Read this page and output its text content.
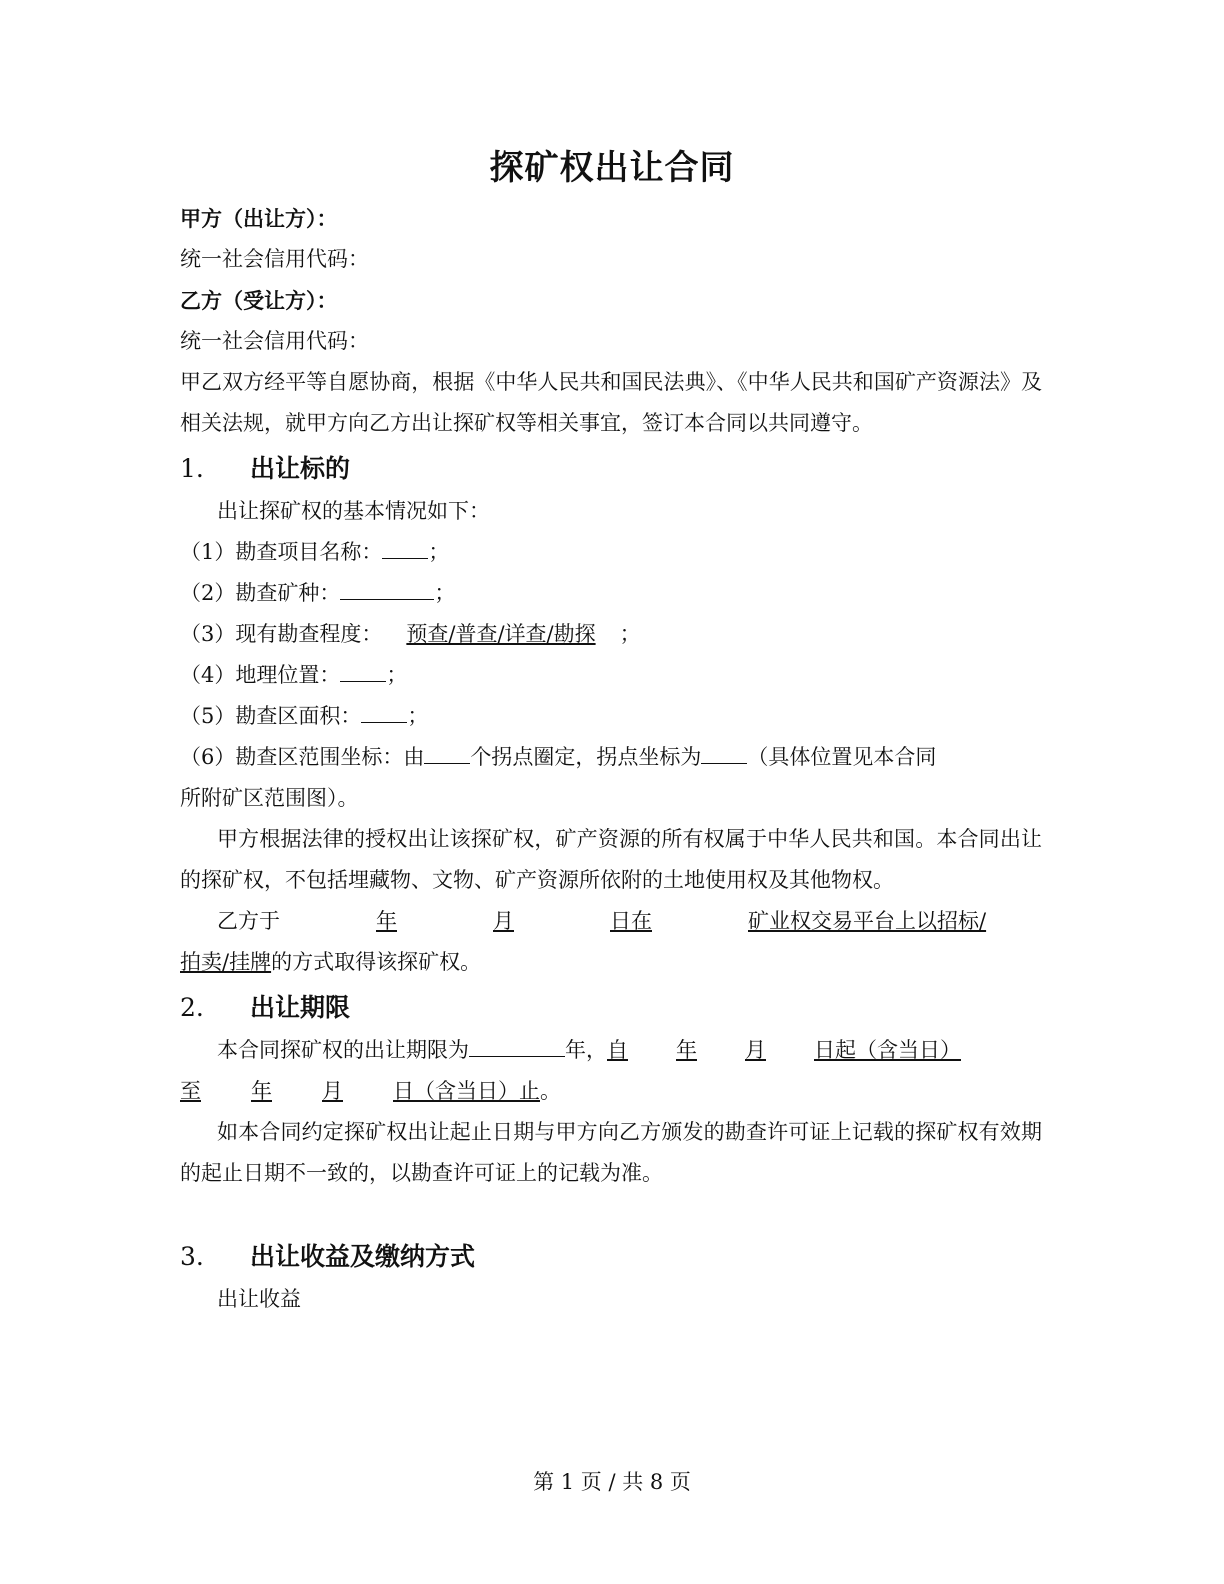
探矿权出让合同
甲方（出让方）：
统一社会信用代码：
乙方（受让方）：
统一社会信用代码：
甲乙双方经平等自愿协商，根据《中华人民共和国民法典》、《中华人民共和国矿产资源法》及相关法规，就甲方向乙方出让探矿权等相关事宜，签订本合同以共同遵守。
1. 出让标的
出让探矿权的基本情况如下：
（1）勘查项目名称： ；
（2）勘查矿种：	；
（3）现有勘查程度： 预查/普查/详查/勘探 ；
（4）地理位置： ；
（5）勘查区面积： ；
（6）勘查区范围坐标：由 个拐点圈定，拐点坐标为 （具体位置见本合同
所附矿区范围图）。
甲方根据法律的授权出让该探矿权，矿产资源的所有权属于中华人民共和国。本合同出让的探矿权，不包括埋藏物、文物、矿产资源所依附的土地使用权及其他物权。
乙方于	年	月	日在	矿业权交易平台上以招标/
拍卖/挂牌的方式取得该探矿权。
2. 出让期限
本合同探矿权的出让期限为	年，自 年 月 日起（含当日）
至 年 月 日（含当日）止。
如本合同约定探矿权出让起止日期与甲方向乙方颁发的勘查许可证上记载的探矿权有效期的起止日期不一致的，以勘查许可证上的记载为准。
3. 出让收益及缴纳方式
出让收益
第 1 页 / 共 8 页
